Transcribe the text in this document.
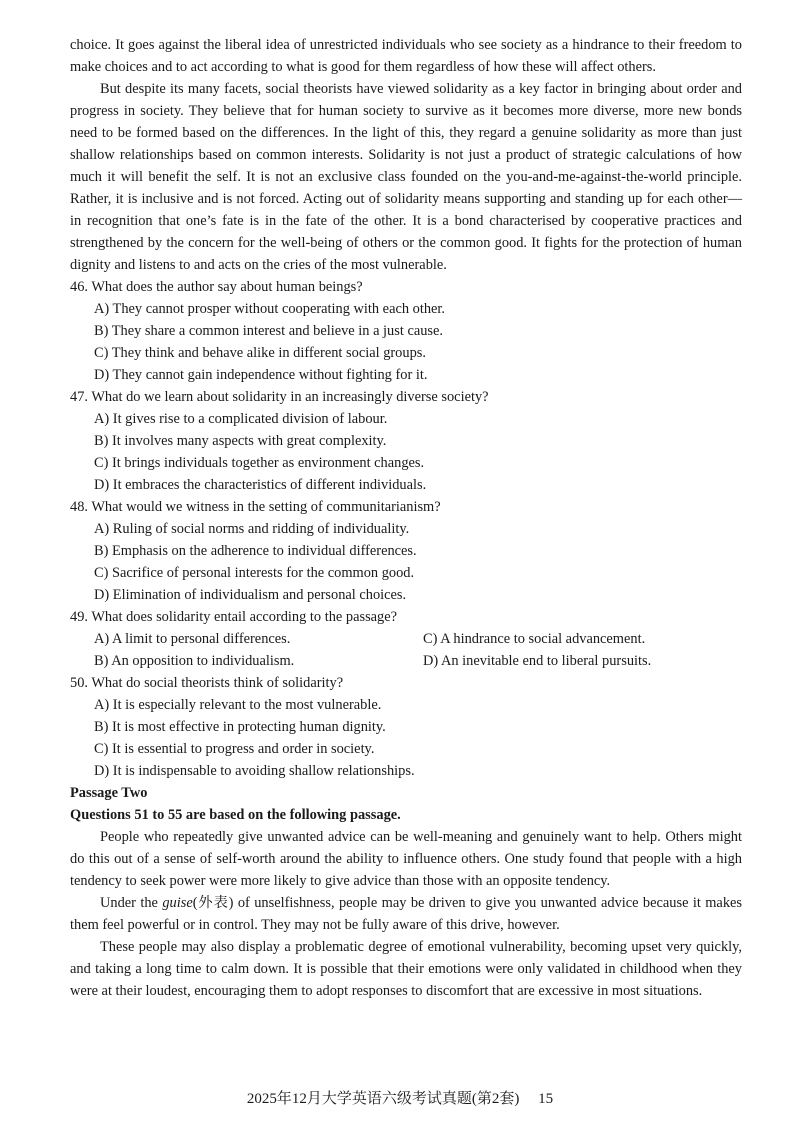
choice. It goes against the liberal idea of unrestricted individuals who see society as a hindrance to their freedom to make choices and to act according to what is good for them regardless of how these will affect others.

But despite its many facets, social theorists have viewed solidarity as a key factor in bringing about order and progress in society. They believe that for human society to survive as it becomes more diverse, more new bonds need to be formed based on the differences. In the light of this, they regard a genuine solidarity as more than just shallow relationships based on common interests. Solidarity is not just a product of strategic calculations of how much it will benefit the self. It is not an exclusive class founded on the you-and-me-against-the-world principle. Rather, it is inclusive and is not forced. Acting out of solidarity means supporting and standing up for each other—in recognition that one’s fate is in the fate of the other. It is a bond characterised by cooperative practices and strengthened by the concern for the well-being of others or the common good. It fights for the protection of human dignity and listens to and acts on the cries of the most vulnerable.

46. What does the author say about human beings?

A) They cannot prosper without cooperating with each other.

B) They share a common interest and believe in a just cause.

C) They think and behave alike in different social groups.

D) They cannot gain independence without fighting for it.

47. What do we learn about solidarity in an increasingly diverse society?

A) It gives rise to a complicated division of labour.

B) It involves many aspects with great complexity.

C) It brings individuals together as environment changes.

D) It embraces the characteristics of different individuals.

48. What would we witness in the setting of communitarianism?

A) Ruling of social norms and ridding of individuality.

B) Emphasis on the adherence to individual differences.

C) Sacrifice of personal interests for the common good.

D) Elimination of individualism and personal choices.

49. What does solidarity entail according to the passage?

A) A limit to personal differences.	C) A hindrance to social advancement.

B) An opposition to individualism.	D) An inevitable end to liberal pursuits.

50. What do social theorists think of solidarity?

A) It is especially relevant to the most vulnerable.

B) It is most effective in protecting human dignity.

C) It is essential to progress and order in society.

D) It is indispensable to avoiding shallow relationships.

Passage Two

Questions 51 to 55 are based on the following passage.

People who repeatedly give unwanted advice can be well-meaning and genuinely want to help. Others might do this out of a sense of self-worth around the ability to influence others. One study found that people with a high tendency to seek power were more likely to give advice than those with an opposite tendency.

Under the guise(外表) of unselfishness, people may be driven to give you unwanted advice because it makes them feel powerful or in control. They may not be fully aware of this drive, however.

These people may also display a problematic degree of emotional vulnerability, becoming upset very quickly, and taking a long time to calm down. It is possible that their emotions were only validated in childhood when they were at their loudest, encouraging them to adopt responses to discomfort that are excessive in most situations.

2025年12月大学英语六级考试真题(第2套)　 15
